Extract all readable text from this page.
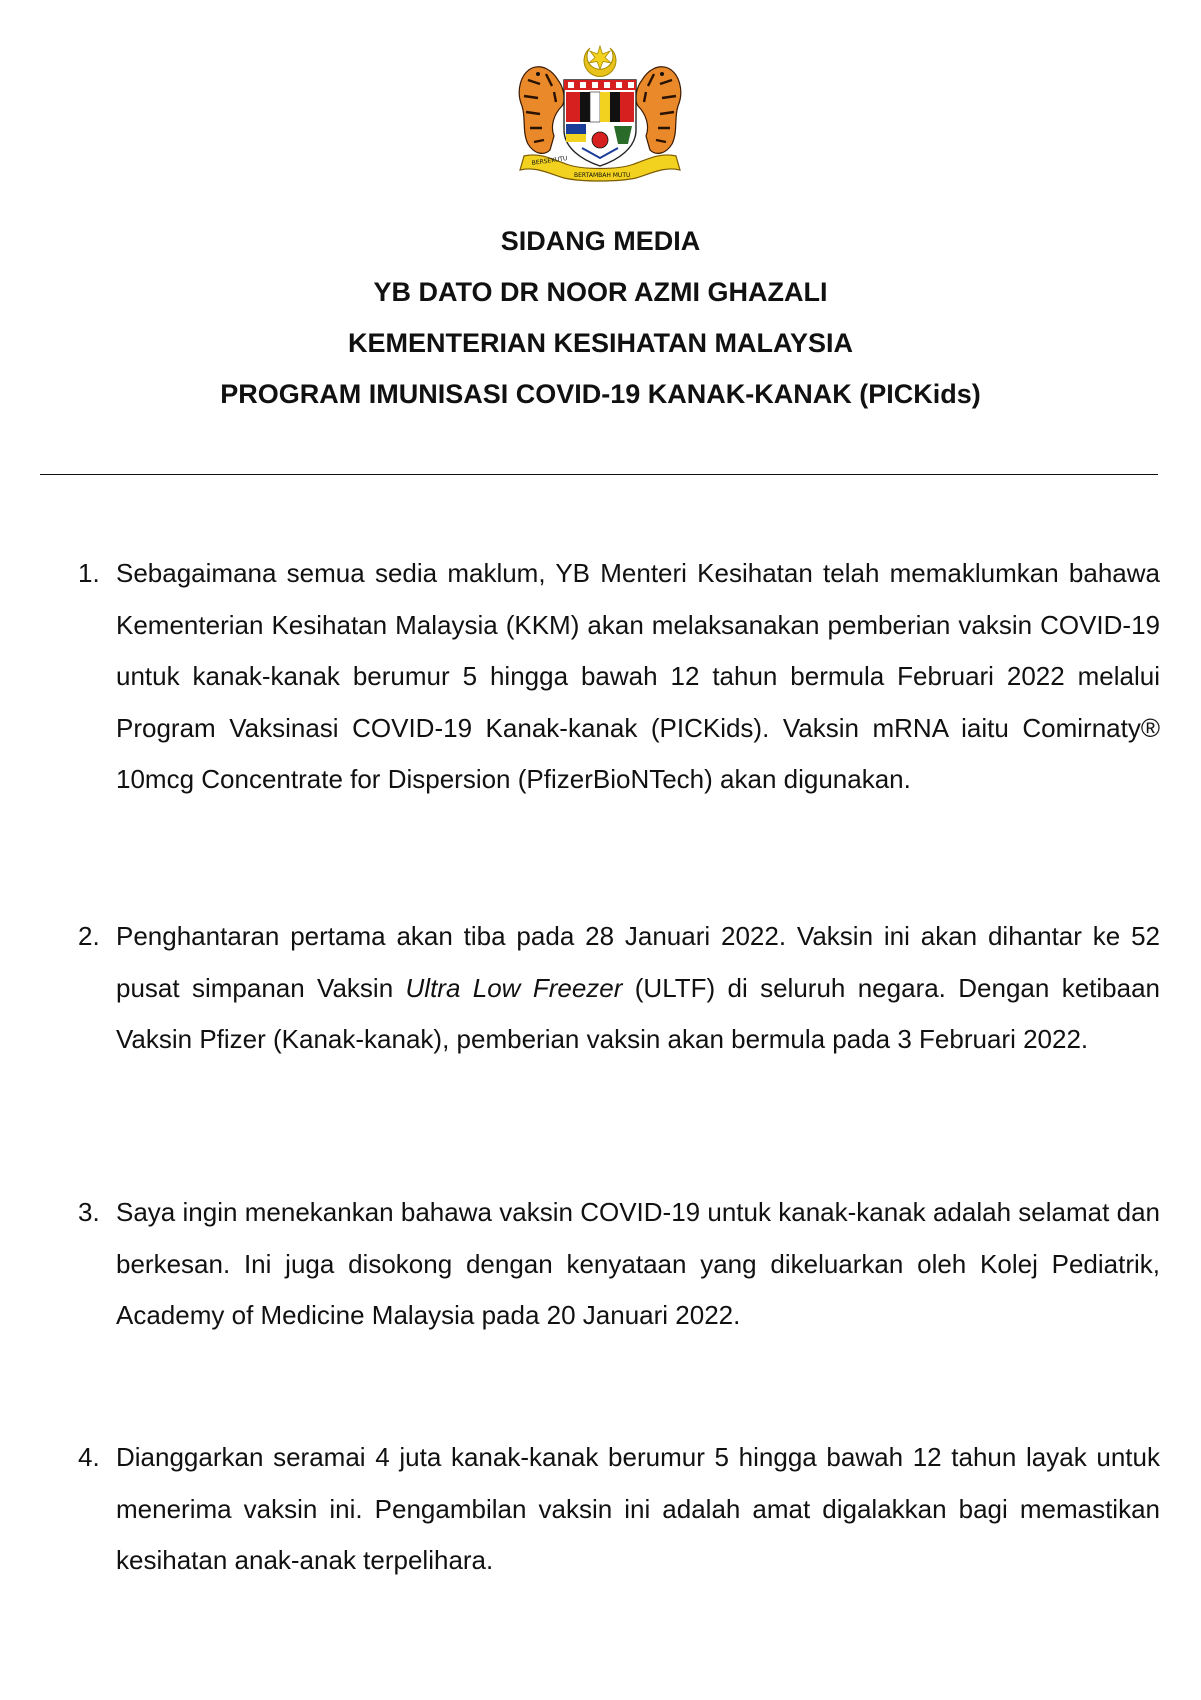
BERSEKUTU
BERTAMBAH MUTU
SIDANG MEDIA
YB DATO DR NOOR AZMI GHAZALI
KEMENTERIAN KESIHATAN MALAYSIA
PROGRAM IMUNISASI COVID-19 KANAK-KANAK (PICKids)
1. Sebagaimana semua sedia maklum, YB Menteri Kesihatan telah memaklumkan bahawa Kementerian Kesihatan Malaysia (KKM) akan melaksanakan pemberian vaksin COVID-19 untuk kanak-kanak berumur 5 hingga bawah 12 tahun bermula Februari 2022 melalui Program Vaksinasi COVID-19 Kanak-kanak (PICKids). Vaksin mRNA iaitu Comirnaty® 10mcg Concentrate for Dispersion (PfizerBioNTech) akan digunakan.
2. Penghantaran pertama akan tiba pada 28 Januari 2022. Vaksin ini akan dihantar ke 52 pusat simpanan Vaksin Ultra Low Freezer (ULTF) di seluruh negara. Dengan ketibaan Vaksin Pfizer (Kanak-kanak), pemberian vaksin akan bermula pada 3 Februari 2022.
3. Saya ingin menekankan bahawa vaksin COVID-19 untuk kanak-kanak adalah selamat dan berkesan. Ini juga disokong dengan kenyataan yang dikeluarkan oleh Kolej Pediatrik, Academy of Medicine Malaysia pada 20 Januari 2022.
4. Dianggarkan seramai 4 juta kanak-kanak berumur 5 hingga bawah 12 tahun layak untuk menerima vaksin ini. Pengambilan vaksin ini adalah amat digalakkan bagi memastikan kesihatan anak-anak terpelihara.
